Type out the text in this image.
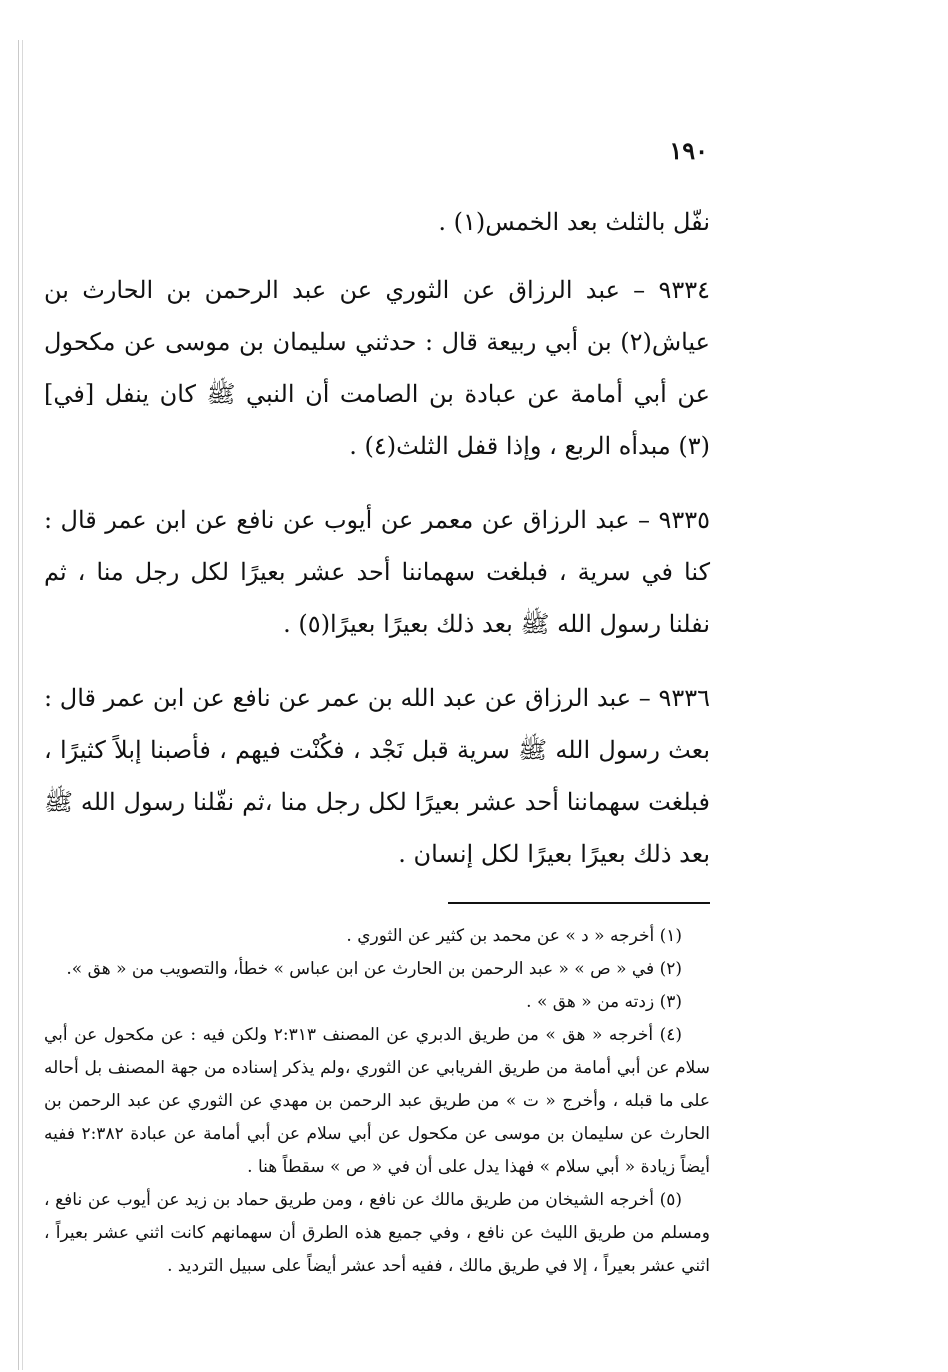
١٩٠

نفّل بالثلث بعد الخمس(١) .

٩٣٣٤ – عبد الرزاق عن الثوري عن عبد الرحمن بن الحارث بن عياش(٢) بن أبي ربيعة قال : حدثني سليمان بن موسى عن مكحول عن أبي أمامة عن عبادة بن الصامت أن النبي ﷺ كان ينفل [في] (٣) مبدأه الربع ، وإذا قفل الثلث(٤) .

٩٣٣٥ – عبد الرزاق عن معمر عن أيوب عن نافع عن ابن عمر قال : كنا في سرية ، فبلغت سهماننا أحد عشر بعيرًا لكل رجل منا ، ثم نفلنا رسول الله ﷺ بعد ذلك بعيرًا بعيرًا(٥) .

٩٣٣٦ – عبد الرزاق عن عبد الله بن عمر عن نافع عن ابن عمر قال : بعث رسول الله ﷺ سرية قبل نَجْد ، فكُنْت فيهم ، فأصبنا إبلاً كثيرًا ، فبلغت سهماننا أحد عشر بعيرًا لكل رجل منا ،ثم نفّلنا رسول الله ﷺ بعد ذلك بعيرًا بعيرًا لكل إنسان .

(١) أخرجه « د » عن محمد بن كثير عن الثوري .

(٢) في « ص » « عبد الرحمن بن الحارث عن ابن عباس » خطأ، والتصويب من « هق ».

(٣) زدته من « هق » .

(٤) أخرجه « هق » من طريق الدبري عن المصنف ٢:٣١٣ ولكن فيه : عن مكحول عن أبي سلام عن أبي أمامة من طريق الفريابي عن الثوري ،ولم يذكر إسناده من جهة المصنف بل أحاله على ما قبله ، وأخرج « ت » من طريق عبد الرحمن بن مهدي عن الثوري عن عبد الرحمن بن الحارث عن سليمان بن موسى عن مكحول عن أبي سلام عن أبي أمامة عن عبادة ٢:٣٨٢ ففيه أيضاً زيادة « أبي سلام » فهذا يدل على أن في « ص » سقطاً هنا .

(٥) أخرجه الشيخان من طريق مالك عن نافع ، ومن طريق حماد بن زيد عن أيوب عن نافع ، ومسلم من طريق الليث عن نافع ، وفي جميع هذه الطرق أن سهمانهم كانت اثني عشر بعيراً ، اثني عشر بعيراً ، إلا في طريق مالك ، ففيه أحد عشر أيضاً على سبيل الترديد .
